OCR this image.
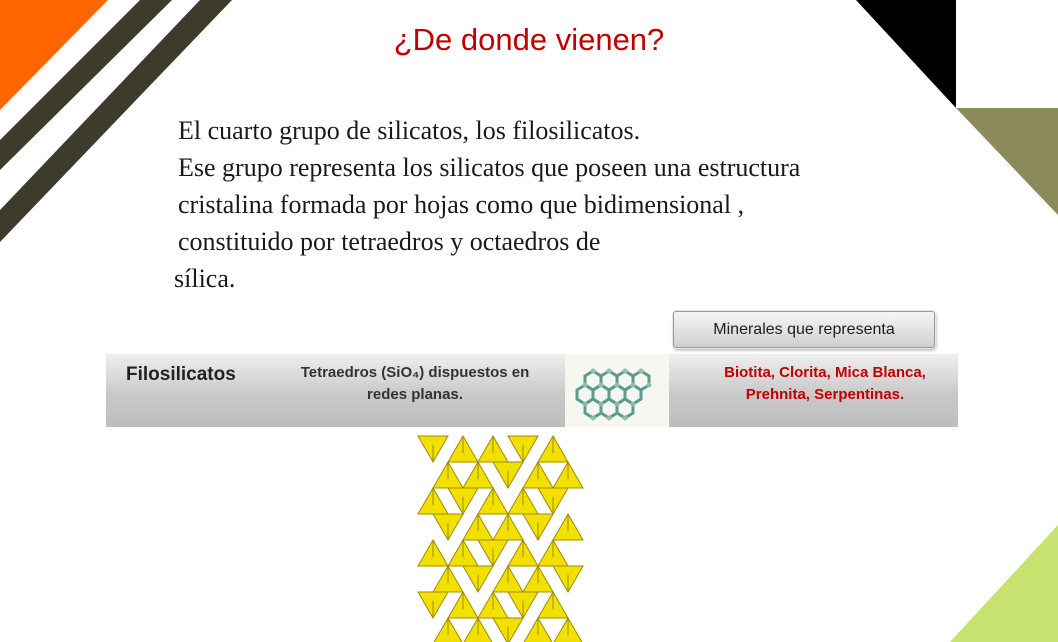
¿De donde vienen?
El cuarto grupo de silicatos, los filosilicatos.
Ese grupo representa los silicatos que poseen una estructura
cristalina formada por hojas como que bidimensional ,
constituido por tetraedros y octaedros de
sílica.
Minerales que representa
Filosilicatos	Tetraedros (SiO₄) dispuestos en
redes planas.
Biotita, Clorita, Mica Blanca,
Prehnita, Serpentinas.
